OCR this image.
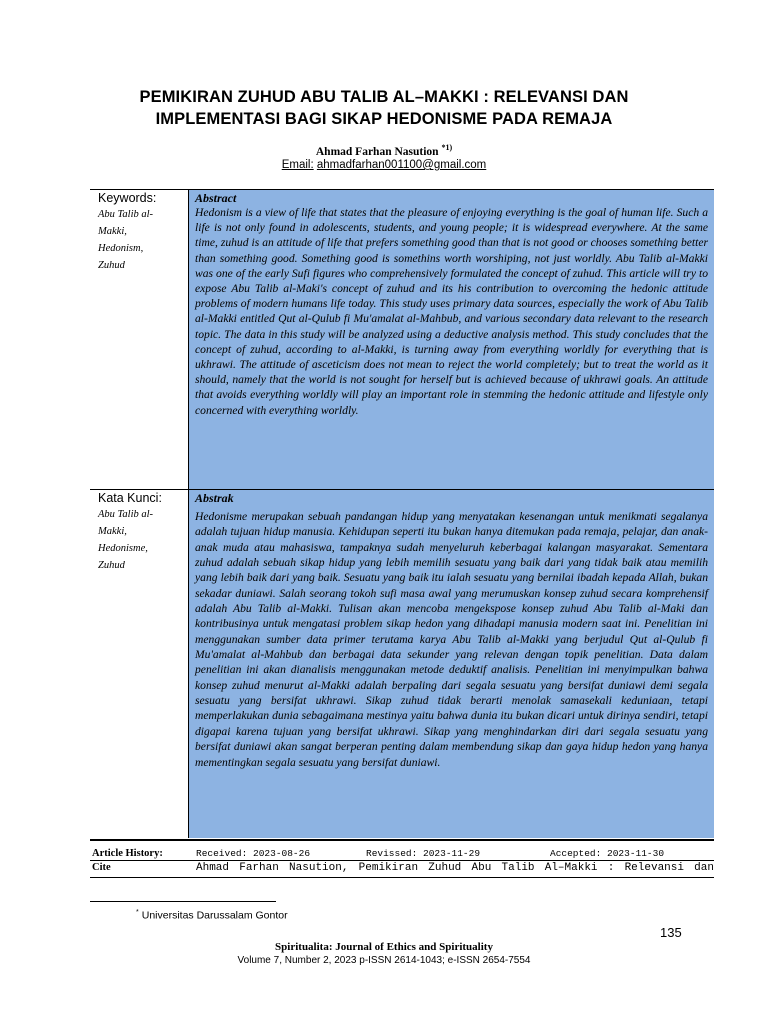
PEMIKIRAN ZUHUD ABU TALIB AL–MAKKI : RELEVANSI DAN
IMPLEMENTASI BAGI SIKAP HEDONISME PADA REMAJA
Ahmad Farhan Nasution $^{*1)}$
Email: ahmadfarhan001100@gmail.com
Keywords:
Abu Talib al-
Makki,
Hedonism,
Zuhud
Abstract

Hedonism is a view of life that states that the pleasure of enjoying everything is the goal of human life. Such a life is not only found in adolescents, students, and young people; it is widespread everywhere. At the same time, zuhud is an attitude of life that prefers something good than that is not good or chooses something better than something good. Something good is somethins worth worshiping, not just worldly. Abu Talib al-Makki was one of the early Sufi figures who comprehensively formulated the concept of zuhud. This article will try to expose Abu Talib al-Maki's concept of zuhud and its his contribution to overcoming the hedonic attitude problems of modern humans life today. This study uses primary data sources, especially the work of Abu Talib al-Makki entitled Qut al-Qulub fi Mu'amalat al-Mahbub, and various secondary data relevant to the research topic. The data in this study will be analyzed using a deductive analysis method. This study concludes that the concept of zuhud, according to al-Makki, is turning away from everything worldly for everything that is ukhrawi. The attitude of asceticism does not mean to reject the world completely; but to treat the world as it should, namely that the world is not sought for herself but is achieved because of ukhrawi goals. An attitude that avoids everything worldly will play an important role in stemming the hedonic attitude and lifestyle only concerned with everything worldly.

Kata Kunci:
Abu Talib al-
Makki,
Hedonisme,
Zuhud
Abstrak

Hedonisme merupakan sebuah pandangan hidup yang menyatakan kesenangan untuk menikmati segalanya adalah tujuan hidup manusia. Kehidupan seperti itu bukan hanya ditemukan pada remaja, pelajar, dan anak-anak muda atau mahasiswa, tampaknya sudah menyeluruh keberbagai kalangan masyarakat. Sementara zuhud adalah sebuah sikap hidup yang lebih memilih sesuatu yang baik dari yang tidak baik atau memilih yang lebih baik dari yang baik. Sesuatu yang baik itu ialah sesuatu yang bernilai ibadah kepada Allah, bukan sekadar duniawi. Salah seorang tokoh sufi masa awal yang merumuskan konsep zuhud secara komprehensif adalah Abu Talib al-Makki. Tulisan akan mencoba mengekspose konsep zuhud Abu Talib al-Maki dan kontribusinya untuk mengatasi problem sikap hedon yang dihadapi manusia modern saat ini. Penelitian ini menggunakan sumber data primer terutama karya Abu Talib al-Makki yang berjudul Qut al-Qulub fi Mu'amalat al-Mahbub dan berbagai data sekunder yang relevan dengan topik penelitian. Data dalam penelitian ini akan dianalisis menggunakan metode deduktif analisis. Penelitian ini menyimpulkan bahwa konsep zuhud menurut al-Makki adalah berpaling dari segala sesuatu yang bersifat duniawi demi segala sesuatu yang bersifat ukhrawi. Sikap zuhud tidak berarti menolak samasekali keduniaan, tetapi memperlakukan dunia sebagaimana mestinya yaitu bahwa dunia itu bukan dicari untuk dirinya sendiri, tetapi digapai karena tujuan yang bersifat ukhrawi. Sikap yang menghindarkan diri dari segala sesuatu yang bersifat duniawi akan sangat berperan penting dalam membendung sikap dan gaya hidup hedon yang hanya mementingkan segala sesuatu yang bersifat duniawi.

Article History:	Received: 2023-08-26	Revissed: 2023-11-29	Accepted: 2023-11-30
Cite	Ahmad Farhan Nasution, Pemikiran Zuhud Abu Talib Al–Makki : Relevansi dan
* Universitas Darussalam Gontor
135
Spiritualita: Journal of Ethics and Spirituality
Volume 7, Number 2, 2023 p-ISSN 2614-1043; e-ISSN 2654-7554
